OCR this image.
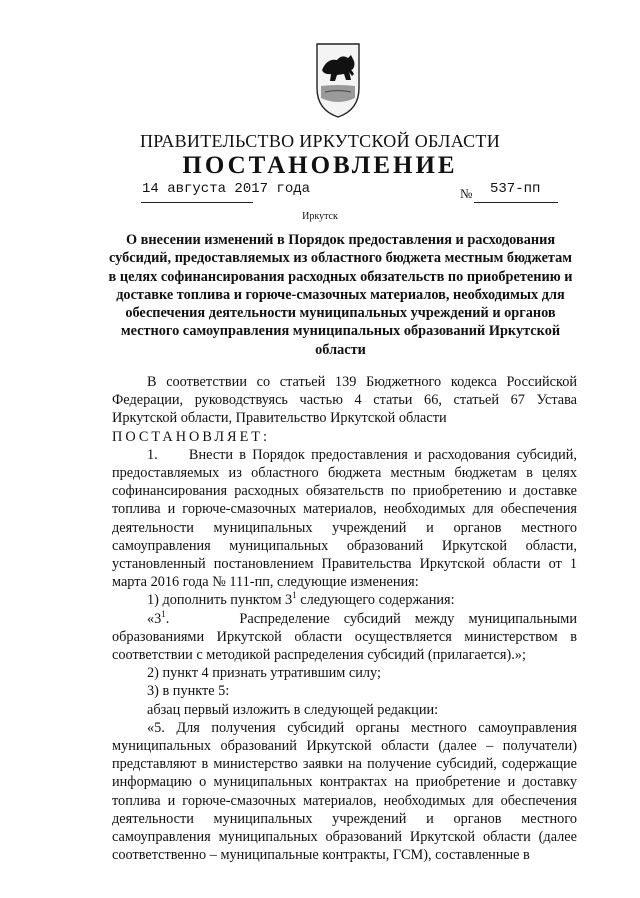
ПРАВИТЕЛЬСТВО ИРКУТСКОЙ ОБЛАСТИ
ПОСТАНОВЛЕНИЕ
14 августа 2017 года	№ 537-пп
Иркутск
О внесении изменений в Порядок предоставления и расходования субсидий, предоставляемых из областного бюджета местным бюджетам в целях софинансирования расходных обязательств по приобретению и доставке топлива и горюче-смазочных материалов, необходимых для обеспечения деятельности муниципальных учреждений и органов местного самоуправления муниципальных образований Иркутской области

В соответствии со статьей 139 Бюджетного кодекса Российской Федерации, руководствуясь частью 4 статьи 66, статьей 67 Устава Иркутской области, Правительство Иркутской области

ПОСТАНОВЛЯЕТ:

1.     Внести в Порядок предоставления и расходования субсидий, предоставляемых из областного бюджета местным бюджетам в целях софинансирования расходных обязательств по приобретению и доставке топлива и горюче-смазочных материалов, необходимых для обеспечения деятельности муниципальных учреждений и органов местного самоуправления муниципальных образований Иркутской области, установленный постановлением Правительства Иркутской области от 1 марта 2016 года № 111-пп, следующие изменения:

1) дополнить пунктом $3^1$ следующего содержания:

«$3^1$.     Распределение субсидий между муниципальными образованиями Иркутской области осуществляется министерством в соответствии с методикой распределения субсидий (прилагается).»;

2) пункт 4 признать утратившим силу;

3) в пункте 5:

абзац первый изложить в следующей редакции:

«5. Для получения субсидий органы местного самоуправления муниципальных образований Иркутской области (далее – получатели) представляют в министерство заявки на получение субсидий, содержащие информацию о муниципальных контрактах на приобретение и доставку топлива и горюче-смазочных материалов, необходимых для обеспечения деятельности муниципальных учреждений и органов местного самоуправления муниципальных образований Иркутской области (далее соответственно – муниципальные контракты, ГСМ), составленные в
